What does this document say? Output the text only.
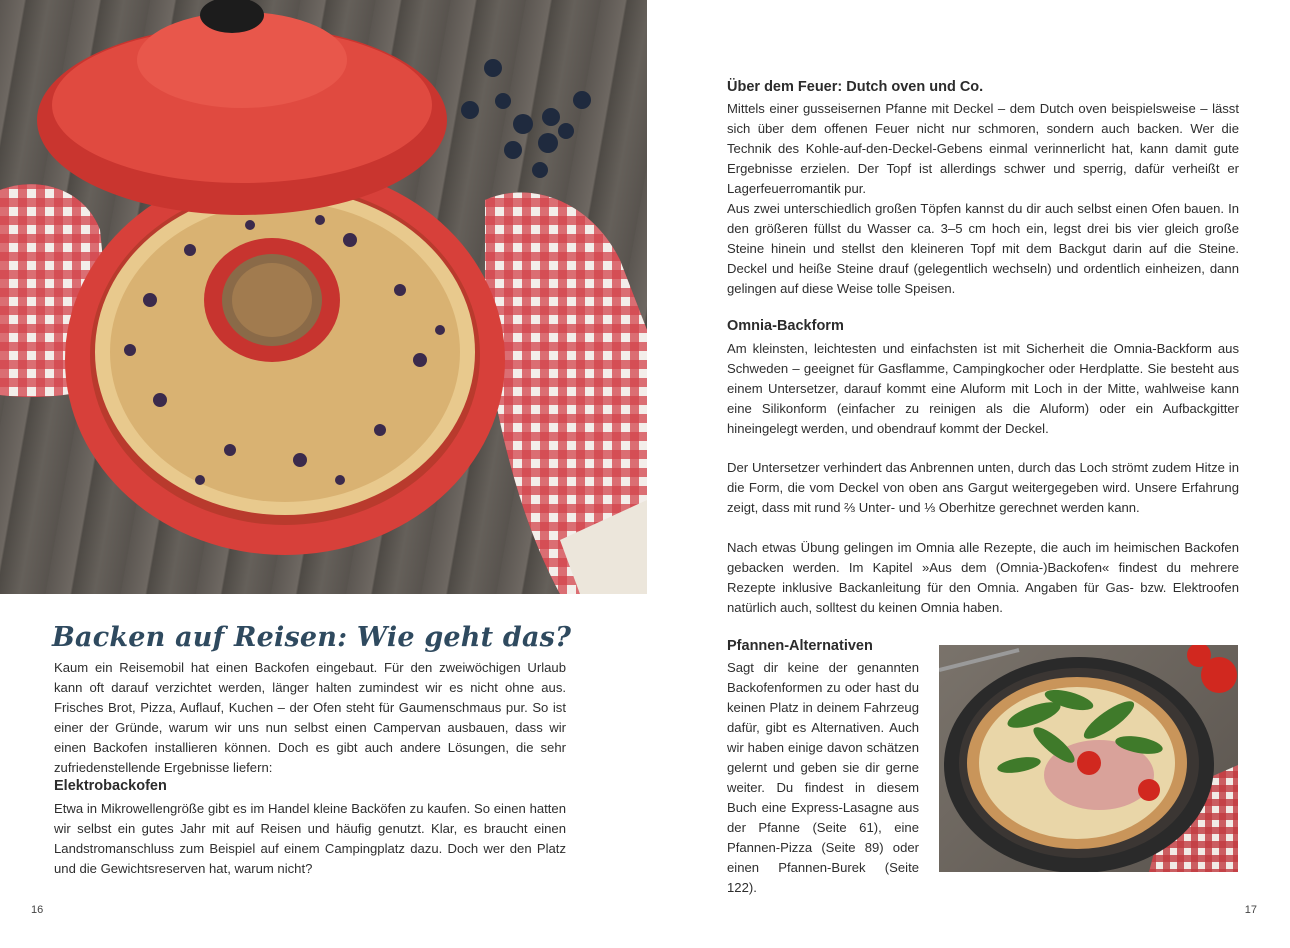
Backen auf Reisen: Wie geht das?

Kaum ein Reisemobil hat einen Backofen eingebaut. Für den zweiwöchigen Urlaub kann oft darauf verzichtet werden, länger halten zumindest wir es nicht ohne aus. Frisches Brot, Pizza, Auflauf, Kuchen – der Ofen steht für Gaumenschmaus pur. So ist einer der Gründe, warum wir uns nun selbst einen Campervan ausbauen, dass wir einen Backofen installieren können. Doch es gibt auch andere Lösungen, die sehr zufriedenstellende Ergebnisse liefern:

Elektrobackofen

Etwa in Mikrowellengröße gibt es im Handel kleine Backöfen zu kaufen. So einen hatten wir selbst ein gutes Jahr mit auf Reisen und häufig genutzt. Klar, es braucht einen Landstromanschluss zum Beispiel auf einem Campingplatz dazu. Doch wer den Platz und die Gewichtsreserven hat, warum nicht?

16
Über dem Feuer: Dutch oven und Co.

Mittels einer gusseisernen Pfanne mit Deckel – dem Dutch oven beispielsweise – lässt sich über dem offenen Feuer nicht nur schmoren, sondern auch backen. Wer die Technik des Kohle-auf-den-Deckel-Gebens einmal verinnerlicht hat, kann damit gute Ergebnisse erzielen. Der Topf ist allerdings schwer und sperrig, dafür verheißt er Lagerfeuerromantik pur.

Aus zwei unterschiedlich großen Töpfen kannst du dir auch selbst einen Ofen bauen. In den größeren füllst du Wasser ca. 3–5 cm hoch ein, legst drei bis vier gleich große Steine hinein und stellst den kleineren Topf mit dem Backgut darin auf die Steine. Deckel und heiße Steine drauf (gelegentlich wechseln) und ordentlich einheizen, dann gelingen auf diese Weise tolle Speisen.

Omnia-Backform

Am kleinsten, leichtesten und einfachsten ist mit Sicherheit die Omnia-Backform aus Schweden – geeignet für Gasflamme, Campingkocher oder Herdplatte. Sie besteht aus einem Untersetzer, darauf kommt eine Aluform mit Loch in der Mitte, wahlweise kann eine Silikonform (einfacher zu reinigen als die Aluform) oder ein Aufbackgitter hineingelegt werden, und obendrauf kommt der Deckel.

Der Untersetzer verhindert das Anbrennen unten, durch das Loch strömt zudem Hitze in die Form, die vom Deckel von oben ans Gargut weitergegeben wird. Unsere Erfahrung zeigt, dass mit rund ⅔ Unter- und ⅓ Oberhitze gerechnet werden kann.

Nach etwas Übung gelingen im Omnia alle Rezepte, die auch im heimischen Backofen gebacken werden. Im Kapitel »Aus dem (Omnia-)Backofen« findest du mehrere Rezepte inklusive Backanleitung für den Omnia. Angaben für Gas- bzw. Elektroofen natürlich auch, solltest du keinen Omnia haben.

Pfannen-Alternativen

Sagt dir keine der genannten Backofenformen zu oder hast du keinen Platz in deinem Fahrzeug dafür, gibt es Alternativen. Auch wir haben einige davon schätzen gelernt und geben sie dir gerne weiter. Du findest in diesem Buch eine Express-Lasagne aus der Pfanne (Seite 61), eine Pfannen-Pizza (Seite 89) oder einen Pfannen-Burek (Seite 122).

17
